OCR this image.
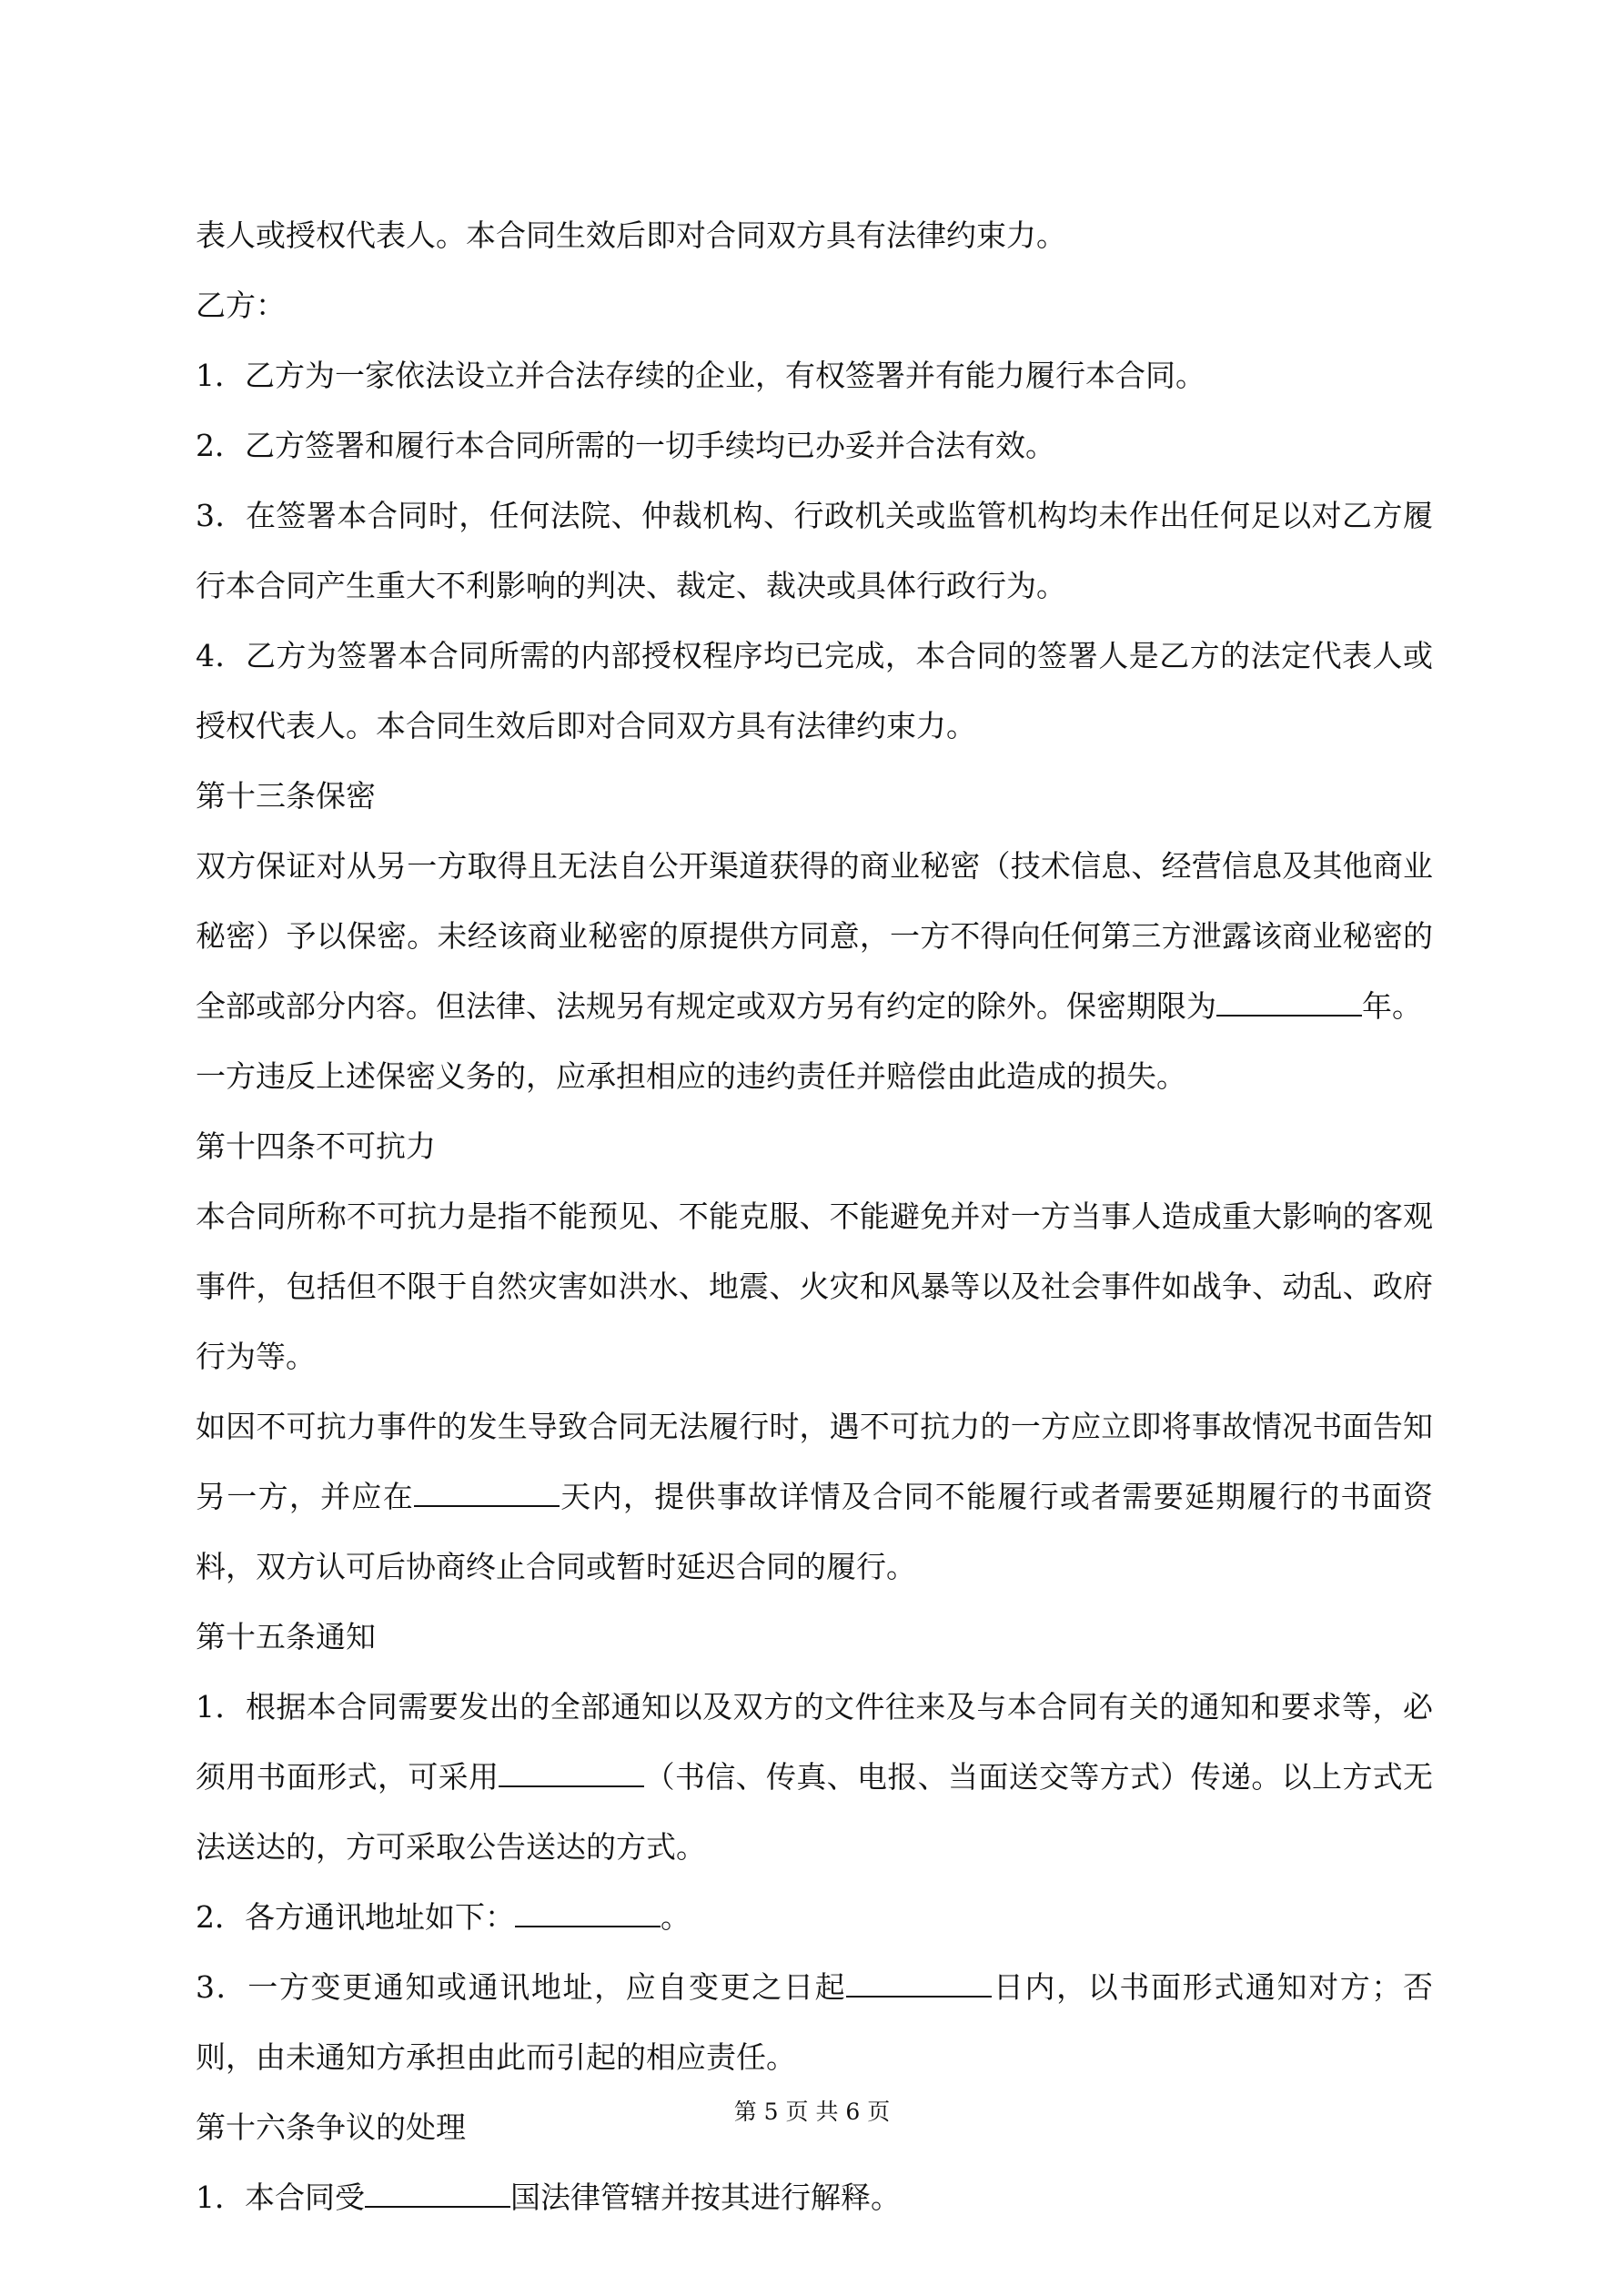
表人或授权代表人。本合同生效后即对合同双方具有法律约束力。

乙方：

1．乙方为一家依法设立并合法存续的企业，有权签署并有能力履行本合同。

2．乙方签署和履行本合同所需的一切手续均已办妥并合法有效。

3．在签署本合同时，任何法院、仲裁机构、行政机关或监管机构均未作出任何足以对乙方履行本合同产生重大不利影响的判决、裁定、裁决或具体行政行为。

4．乙方为签署本合同所需的内部授权程序均已完成，本合同的签署人是乙方的法定代表人或授权代表人。本合同生效后即对合同双方具有法律约束力。

第十三条保密

双方保证对从另一方取得且无法自公开渠道获得的商业秘密（技术信息、经营信息及其他商业秘密）予以保密。未经该商业秘密的原提供方同意，一方不得向任何第三方泄露该商业秘密的全部或部分内容。但法律、法规另有规定或双方另有约定的除外。保密期限为	年。

一方违反上述保密义务的，应承担相应的违约责任并赔偿由此造成的损失。

第十四条不可抗力

本合同所称不可抗力是指不能预见、不能克服、不能避免并对一方当事人造成重大影响的客观事件，包括但不限于自然灾害如洪水、地震、火灾和风暴等以及社会事件如战争、动乱、政府行为等。

如因不可抗力事件的发生导致合同无法履行时，遇不可抗力的一方应立即将事故情况书面告知另一方，并应在	天内，提供事故详情及合同不能履行或者需要延期履行的书面资料，双方认可后协商终止合同或暂时延迟合同的履行。

第十五条通知

1．根据本合同需要发出的全部通知以及双方的文件往来及与本合同有关的通知和要求等，必须用书面形式，可采用	（书信、传真、电报、当面送交等方式）传递。以上方式无法送达的，方可采取公告送达的方式。

2．各方通讯地址如下：	。

3．一方变更通知或通讯地址，应自变更之日起	日内，以书面形式通知对方；否则，由未通知方承担由此而引起的相应责任。

第十六条争议的处理

1．本合同受	国法律管辖并按其进行解释。

第 5 页 共 6 页
